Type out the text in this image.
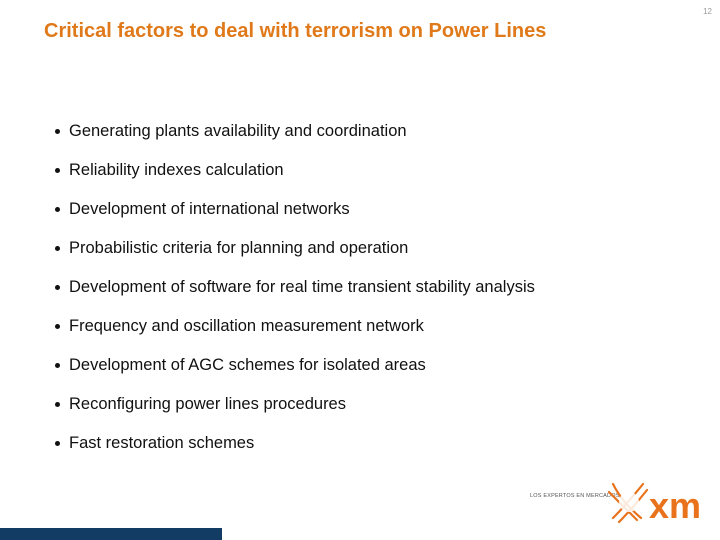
12
Critical factors to deal with terrorism on Power Lines
Generating plants availability and coordination
Reliability indexes calculation
Development of international networks
Probabilistic criteria for planning and operation
Development of software for real time transient stability analysis
Frequency and oscillation measurement network
Development of AGC schemes for isolated areas
Reconfiguring power lines procedures
Fast restoration schemes
LOS EXPERTOS EN MERCADOS xm
